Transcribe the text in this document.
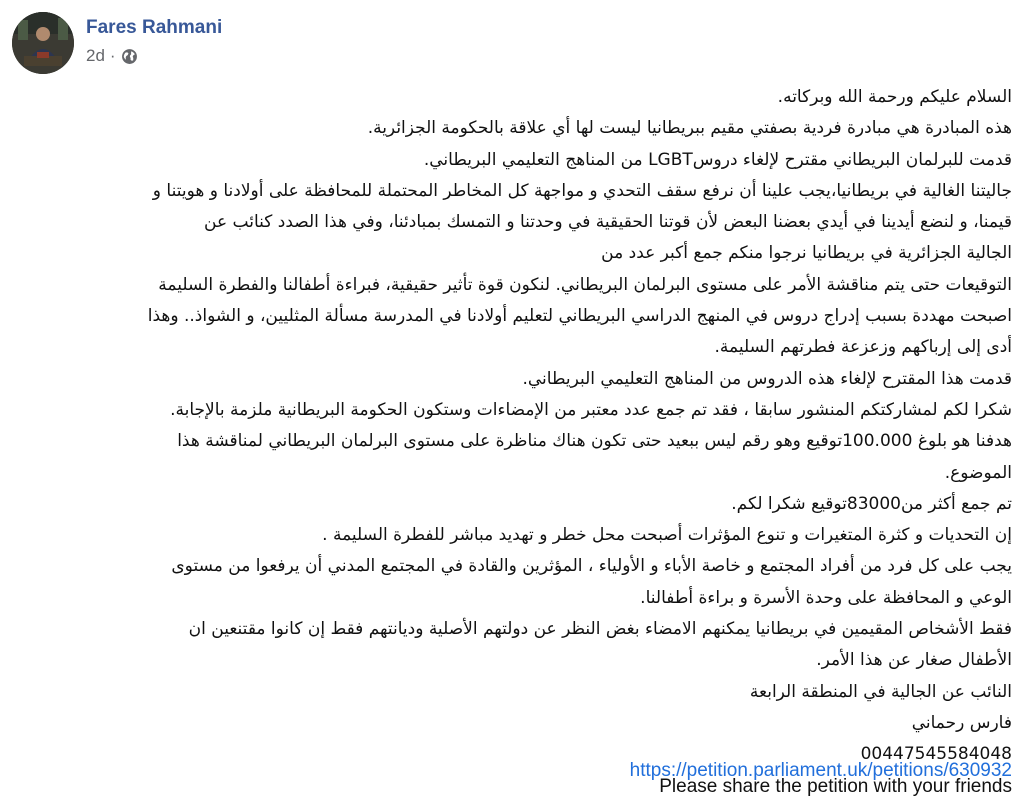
Fares Rahmani
2d ·

السلام عليكم ورحمة الله وبركاته.

هذه المبادرة هي مبادرة فردية بصفتي مقيم ببريطانيا ليست لها أي علاقة بالحكومة الجزائرية.

قدمت للبرلمان البريطاني مقترح لإلغاء دروسLGBT من المناهج التعليمي البريطاني.

جاليتنا الغالية في بريطانيا،يجب علينا أن نرفع سقف التحدي و مواجهة كل المخاطر المحتملة للمحافظة على أولادنا و هويتنا و

قيمنا، و لنضع أيدينا في أيدي بعضنا البعض لأن قوتنا الحقيقية في وحدتنا و التمسك بمبادئنا، وفي هذا الصدد كنائب عن

الجالية الجزائرية في بريطانيا نرجوا منكم جمع أكبر عدد من

التوقيعات حتى يتم مناقشة الأمر على مستوى البرلمان البريطاني. لنكون قوة تأثير حقيقية، فبراءة أطفالنا والفطرة السليمة

اصبحت مهددة بسبب إدراج دروس في المنهج الدراسي البريطاني لتعليم أولادنا في المدرسة مسألة المثليين، و الشواذ.. وهذا

أدى إلى إرباكهم وزعزعة فطرتهم السليمة.

قدمت هذا المقترح لإلغاء هذه الدروس من المناهج التعليمي البريطاني.

شكرا لكم لمشاركتكم المنشور سابقا ، فقد تم جمع عدد معتبر من الإمضاءات وستكون الحكومة البريطانية ملزمة بالإجابة.

هدفنا هو بلوغ 100.000توقيع وهو رقم ليس ببعيد حتى تكون هناك مناظرة على مستوى البرلمان البريطاني لمناقشة هذا

الموضوع.

تم جمع أكثر من83000توقيع شكرا لكم.

إن التحديات و كثرة المتغيرات و تنوع المؤثرات أصبحت محل خطر و تهديد مباشر للفطرة السليمة .

يجب على كل فرد من أفراد المجتمع و خاصة الأباء و الأولياء ، المؤثرين والقادة في المجتمع المدني أن يرفعوا من مستوى

الوعي و المحافظة على وحدة الأسرة و براءة أطفالنا.

فقط الأشخاص المقيمين في بريطانيا يمكنهم الامضاء بغض النظر عن دولتهم الأصلية وديانتهم فقط إن كانوا مقتنعين ان

الأطفال صغار عن هذا الأمر.

النائب عن الجالية في المنطقة الرابعة

فارس رحماني

00447545584048

Please share the petition with your friends

https://petition.parliament.uk/petitions/630932
